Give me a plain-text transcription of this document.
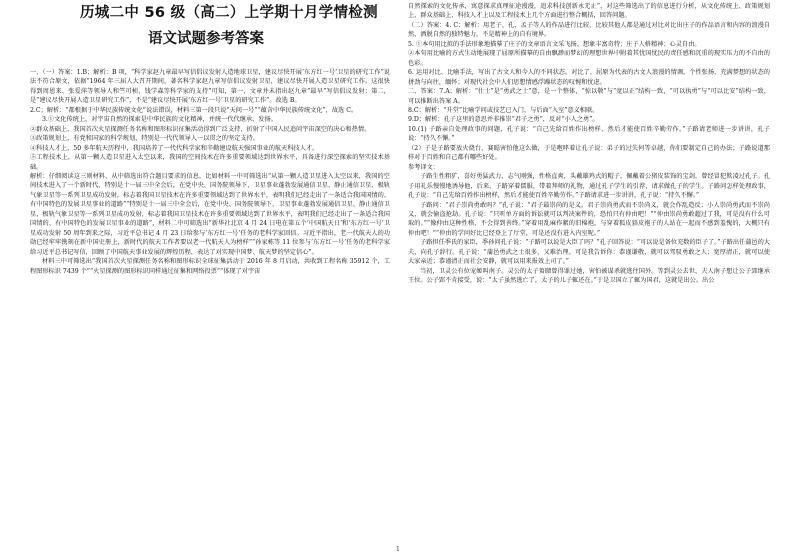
历城二中 56 级（高二）上学期十月学情检测
语文试题参考答案

一、（一）答案：1.B；解析：B 项，“科学家赵九章最早写信倡议发射人造地球卫星，建议尽快开展‘东方红一号’卫星的研究工作”说法不符合原文，依据“1964 年三届人大召开期间，著名科学家赵九章写信倡议发射卫星，建议尽快开展人造卫星研究工作。这很快得到周恩来、张爱萍等领导人和竺可桢、钱学森等科学家的支持”可知，第一，文章并未指出赵九章“最早”写信倡议发射；第二，是“建议尽快开展人造卫星研究工作”，不是“建议尽快开展‘东方红一号’卫星的研究工作”。故选 B。

2.C；解析：“都根据于中华民族传统文化”说法错误，材料三第一段只说“天问一号”“蕴含中华民族传统文化”，故选 C。

3.①文化传统上，对宇宙自然的探索是中华民族的文化精神，并统一代代继承、发扬。

②群众基础上，我国首次火星探测任务名称和图形标识征集活动得到广泛支持，折射了中国人民追问宇宙深空的决心和热情。

③政策规划上，有党和国家的科学规划，特别是一代代领导人一以贯之的坚定支持。

④科技人才上，50 多年航天历程中，我国培养了一代代科学家和辛勤建设航天强国事业的航天科技人才。

⑤工程技术上，从第一颗人造卫星进入太空以来，我国的空间技术在许多重要领域达到世界水平，具备进行深空探索的坚实技术基础。

解析：仔细阅读这三则材料，从中筛选出符合题目要求的信息，比如材料一中可筛选出“从第一颗人造卫星进入太空以来，我国的空间技术进入了一个新时代，特别是十一届三中全会后，在党中央、国务院领导下，卫星事业蓬勃发展通信卫星、静止通信卫星、极轨气象卫星等一系列卫星成功发射，标志着我国卫星技术在许多重要领域达到了世界水平，表明我们已经走出了一条适合我国国情的、有中国特色的发展卫星事业的道路”“特别是十一届三中全会后，在党中央、国务院领导下，卫星事业蓬勃发展通信卫星、静止通信卫星、极轨气象卫星等一系列卫星成功发射，标志着我国卫星技术在许多重要领域达到了世界水平，表明我们已经走出了一条适合我国国情的、有中国特色的发展卫星事业的道路”，材料二中可筛选出“新华社北京 4 月 24 日电在第五个‘中国航天日’和‘东方红一号’卫星成功发射 50 周年到来之际，习近平总书记 4 月 23 日给参与‘东方红一号’任务的老科学家回信。习近平指出，老一代航天人的功勋已经牢牢镌刻在新中国史册上，新时代的航天工作者要以老一代航天人为榜样”“孙家栋等 11 位参与‘东方红一号’任务的老科学家给习近平总书记写信，回顾了中国航天事业发展的辉煌历程，表达了对实现中国梦、航天梦的坚定信心”。

材料三中可筛选出“我国首次火星探测任务名称和图形标识全球征集活动于 2016 年 8 月启动，共收到工程名称 35912 个，工程图形标识 7439 个”“火星探测的图形标识同样通过征集和网络投票”“体现了对宇宙

自然探索的文化传承，寓意探求真理征途漫漫，追求科技创新永无止”，对这些筛选出了的信息进行分析，从文化传统上、政策规划上、群众基础上、科技人才上以及工程技术上几个方面进行整合概括，回答问题。

（二）答案：4. C；解析：用老子、孔、孟子等人的作品进行比较，比较其他人都是通过对比对比出庄子的作品语言和内容的浪漫自然、洒脱自然的独特魅力，不是精神上的自有境界。

5. ①本句用比拟的手法形象地描摹了庄子的文章语言文采飞扬、想象丰富奇特；庄子人格精神；心灵自由。

②本句用比喻的方式生动地展现了屈原所描摹的自由飘渺而梦幻的理想世界中附着其忧国忧民的责任感和沉重的现实压力的不自由的色彩。

6. 运用对比、比喻手法，写出了古文人和今人的不同状态。对比了，屈原为代表的古文人浪漫的情调，个性张扬，充满梦想的状态的拼劲与向往，缅怀；对现代社会中人们思想情感浮躁状态的叹惋和忧虑。

二、答案：7.A；解析：“仕士”是“勇武之士”意，是一个整体，“惊以敬”与“宽以正”结构一致，“可以执勇”与“可以比安”结构一致，可以推断出答案 A。

8.C；解析：“升堂”比喻学问或技艺已入门，与后面“入室”意义相联。

9.D；解析：孔子这里的意思并非推崇“君子之勇”，反对“小人之勇”。

10.(1) 子路亲自处理政事的问题，孔子说：“自己先给百姓作出榜样，然后才能使百姓辛勤劳作。”子路请老师进一步讲讲，孔子说：“持久不懈。”

（2）子是子路要放火烧台，赛聪害怕他这么做，于是咆哮着让孔子说：弟子的过失何等卓越，你们要制定自己的办法；子路说道那样对于百姓和自己都有哪些好处。

参考译文：

子路生性粗犷，喜好勇猛武力，志气刚强，性格直爽，头戴雄鸡式的帽子，佩戴着公猪皮装饰的宝剑，曾经冒犯欺凌过孔子。孔子用礼乐慢慢地诱导他，后来，子路穿着儒服，带着拜师的礼物，通过孔子学生的引荐，请求做孔子的学生。子路问怎样处理政事，孔子说：“自己先给百姓作出榜样，然后才能使百姓辛勤劳作。”子路请求进一步讲讲，孔子说：“持久不懈。”

子路问：“君子崇尚勇敢吗？”孔子说：“君子最崇尚的是义。君子崇尚勇武而不崇尚义，就会作乱造反；小人崇尚勇武而不崇尚义，就会偷盗抢劫。孔子说：“只听单方面的诉讼就可以判决案件的，恐怕只有仲由吧！”“仲由崇尚勇敢超过了我，可是没有什么可取的。”“像仲由这种性格，不会得到善终。”穿着用乱麻作絮的旧棉袍，与穿着狐皮貉皮袍子的人站在一起而不感到羞愧的，大概只有仲由吧！”“仲由的学问好比已经登上了厅堂，可是还没有进入内室呢。”

子路担任季氏的家臣，季孙问孔子说：“子路可以说是大臣了吗？”孔子回答说：“可以说是备位充数的臣子了。”子路出任蒲邑的大夫，向孔子辞行。孔子说：“蒲邑勇武之士很多，又难治理。可是我告诉你：恭谨谦敬，就可以驾驭勇敢之人；宽厚清正，就可以使大家亲近；恭谨清正而社会安静，就可以用来报效上司了。”

当初，卫灵公有位宠姬叫南子。灵公的太子蒉聩曾得罪过她，害怕被谋杀就逃往国外。等到灵公去世，夫人南子想让公子郢继承王位。公子郢不肯接受，说：“太子虽然逃亡了，太子的儿子辄还在。”于是卫国立了辄为国君，这就是出公。出公

1
